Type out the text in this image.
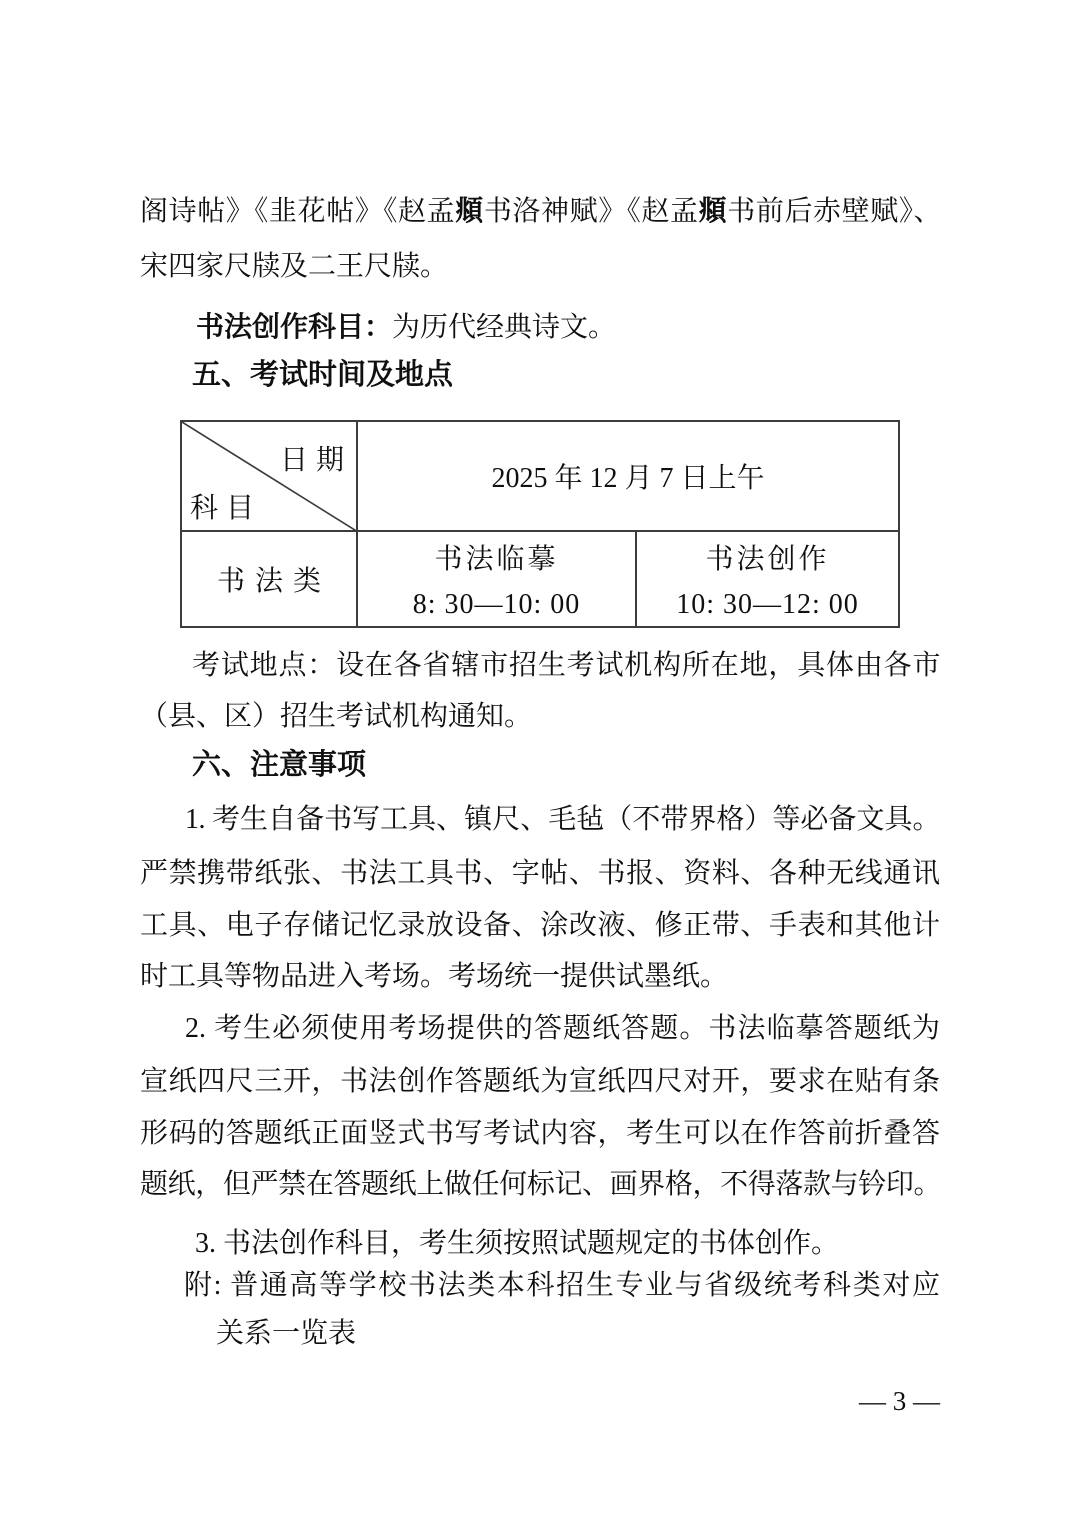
阁诗帖》《韭花帖》《赵孟頫书洛神赋》《赵孟頫书前后赤壁赋》、
宋四家尺牍及二王尺牍。
书法创作科目：为历代经典诗文。
五、考试时间及地点
日期
科目
2025 年 12 月 7 日上午
书法类
书法临摹
8: 30—10: 00
书法创作
10: 30—12: 00
考试地点：设在各省辖市招生考试机构所在地，具体由各市
（县、区）招生考试机构通知。
六、注意事项
1. 考生自备书写工具、镇尺、毛毡（不带界格）等必备文具。
严禁携带纸张、书法工具书、字帖、书报、资料、各种无线通讯
工具、电子存储记忆录放设备、涂改液、修正带、手表和其他计
时工具等物品进入考场。考场统一提供试墨纸。
2. 考生必须使用考场提供的答题纸答题。书法临摹答题纸为
宣纸四尺三开，书法创作答题纸为宣纸四尺对开，要求在贴有条
形码的答题纸正面竖式书写考试内容，考生可以在作答前折叠答
题纸，但严禁在答题纸上做任何标记、画界格，不得落款与钤印。
3. 书法创作科目，考生须按照试题规定的书体创作。
附: 普通高等学校书法类本科招生专业与省级统考科类对应
关系一览表
— 3 —
